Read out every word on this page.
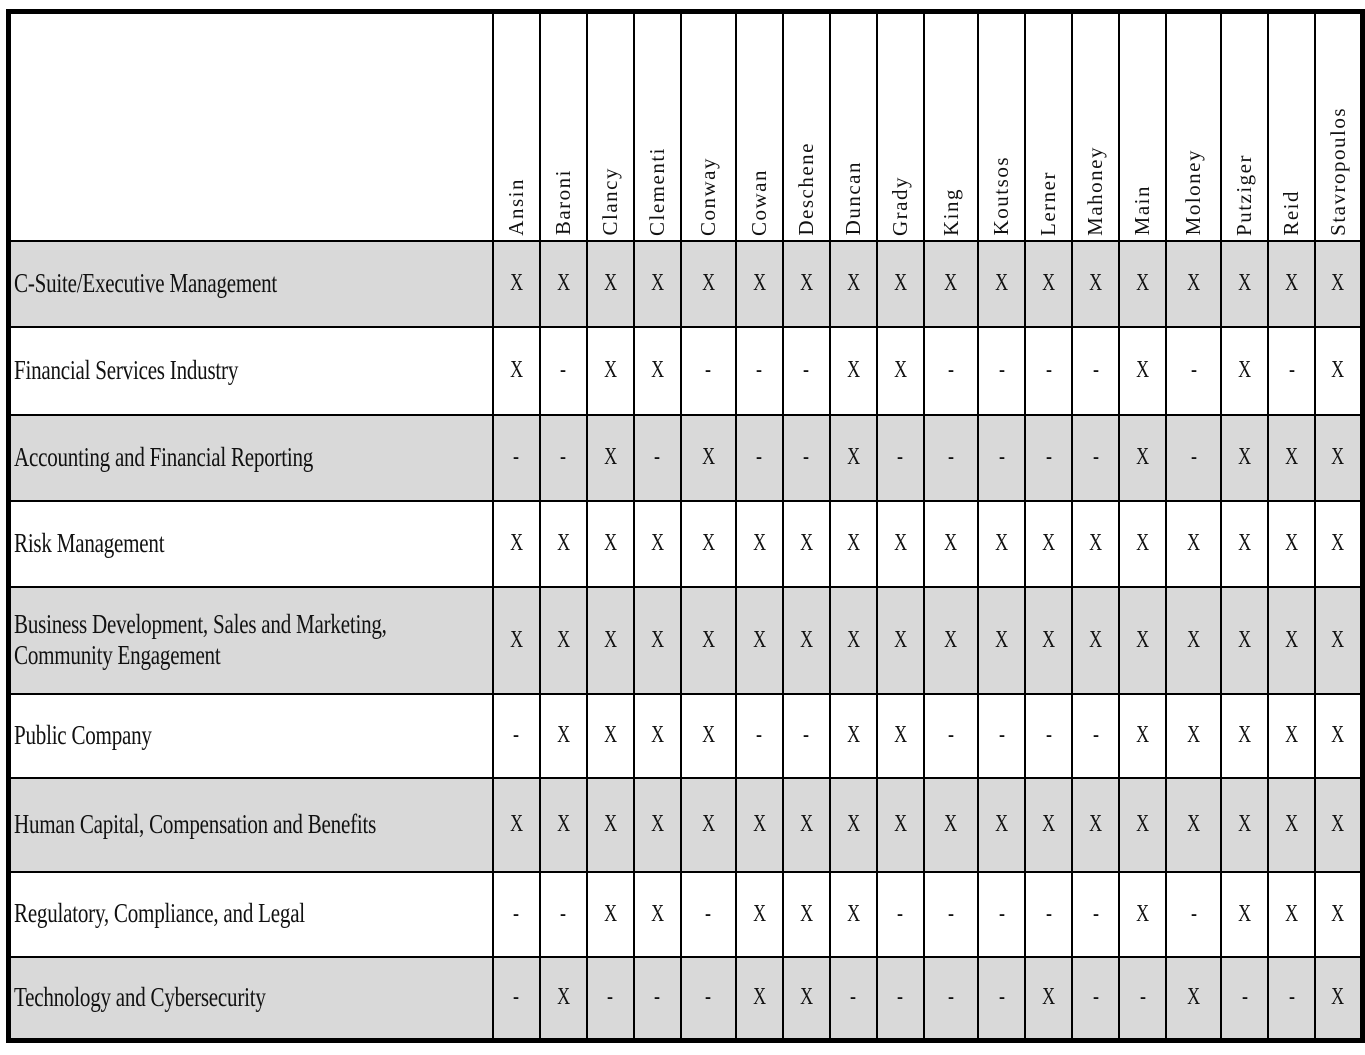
	Ansin	Baroni	Clancy	Clementi	Conway	Cowan	Deschene	Duncan	Grady	King	Koutsos	Lerner	Mahoney	Main	Moloney	Putziger	Reid	Stavropoulos

C-Suite/Executive Management	X	X	X	X	X	X	X	X	X	X	X	X	X	X	X	X	X	X
Financial Services Industry	X	-	X	X	-	-	-	X	X	-	-	-	-	X	-	X	-	X
Accounting and Financial Reporting	-	-	X	-	X	-	-	X	-	-	-	-	-	X	-	X	X	X
Risk Management	X	X	X	X	X	X	X	X	X	X	X	X	X	X	X	X	X	X
Business Development, Sales and Marketing,
Community Engagement	X	X	X	X	X	X	X	X	X	X	X	X	X	X	X	X	X	X
Public Company	-	X	X	X	X	-	-	X	X	-	-	-	-	X	X	X	X	X
Human Capital, Compensation and Benefits	X	X	X	X	X	X	X	X	X	X	X	X	X	X	X	X	X	X
Regulatory, Compliance, and Legal	-	-	X	X	-	X	X	X	-	-	-	-	-	X	-	X	X	X
Technology and Cybersecurity	-	X	-	-	-	X	X	-	-	-	-	X	-	-	X	-	-	X
